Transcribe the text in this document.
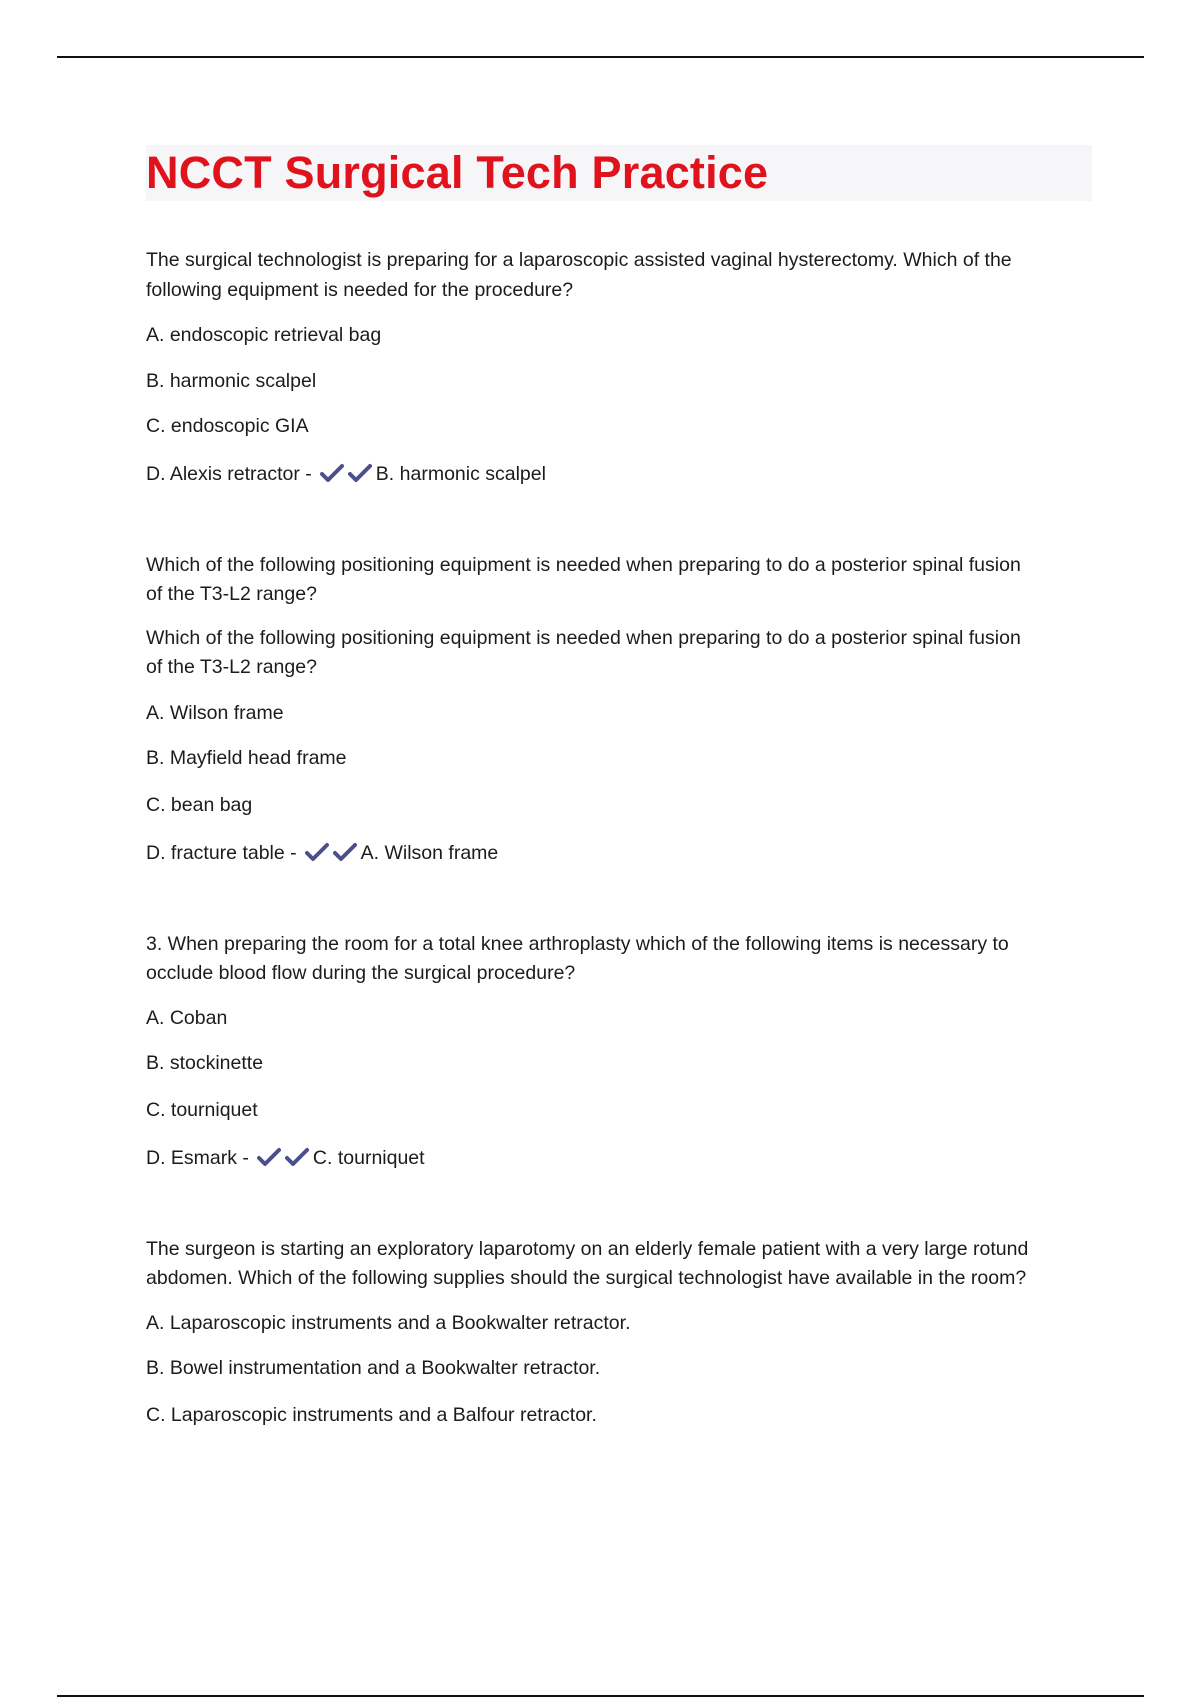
NCCT Surgical Tech Practice

The surgical technologist is preparing for a laparoscopic assisted vaginal hysterectomy. Which of the

following equipment is needed for the procedure?

A. endoscopic retrieval bag

B. harmonic scalpel

C. endoscopic GIA

D. Alexis retractor -	B. harmonic scalpel

Which of the following positioning equipment is needed when preparing to do a posterior spinal fusion

of the T3-L2 range?

Which of the following positioning equipment is needed when preparing to do a posterior spinal fusion

of the T3-L2 range?

A. Wilson frame

B. Mayfield head frame

C. bean bag

D. fracture table -	A. Wilson frame

3. When preparing the room for a total knee arthroplasty which of the following items is necessary to

occlude blood flow during the surgical procedure?

A. Coban

B. stockinette

C. tourniquet

D. Esmark -	C. tourniquet

The surgeon is starting an exploratory laparotomy on an elderly female patient with a very large rotund

abdomen. Which of the following supplies should the surgical technologist have available in the room?

A. Laparoscopic instruments and a Bookwalter retractor.

B. Bowel instrumentation and a Bookwalter retractor.

C. Laparoscopic instruments and a Balfour retractor.
